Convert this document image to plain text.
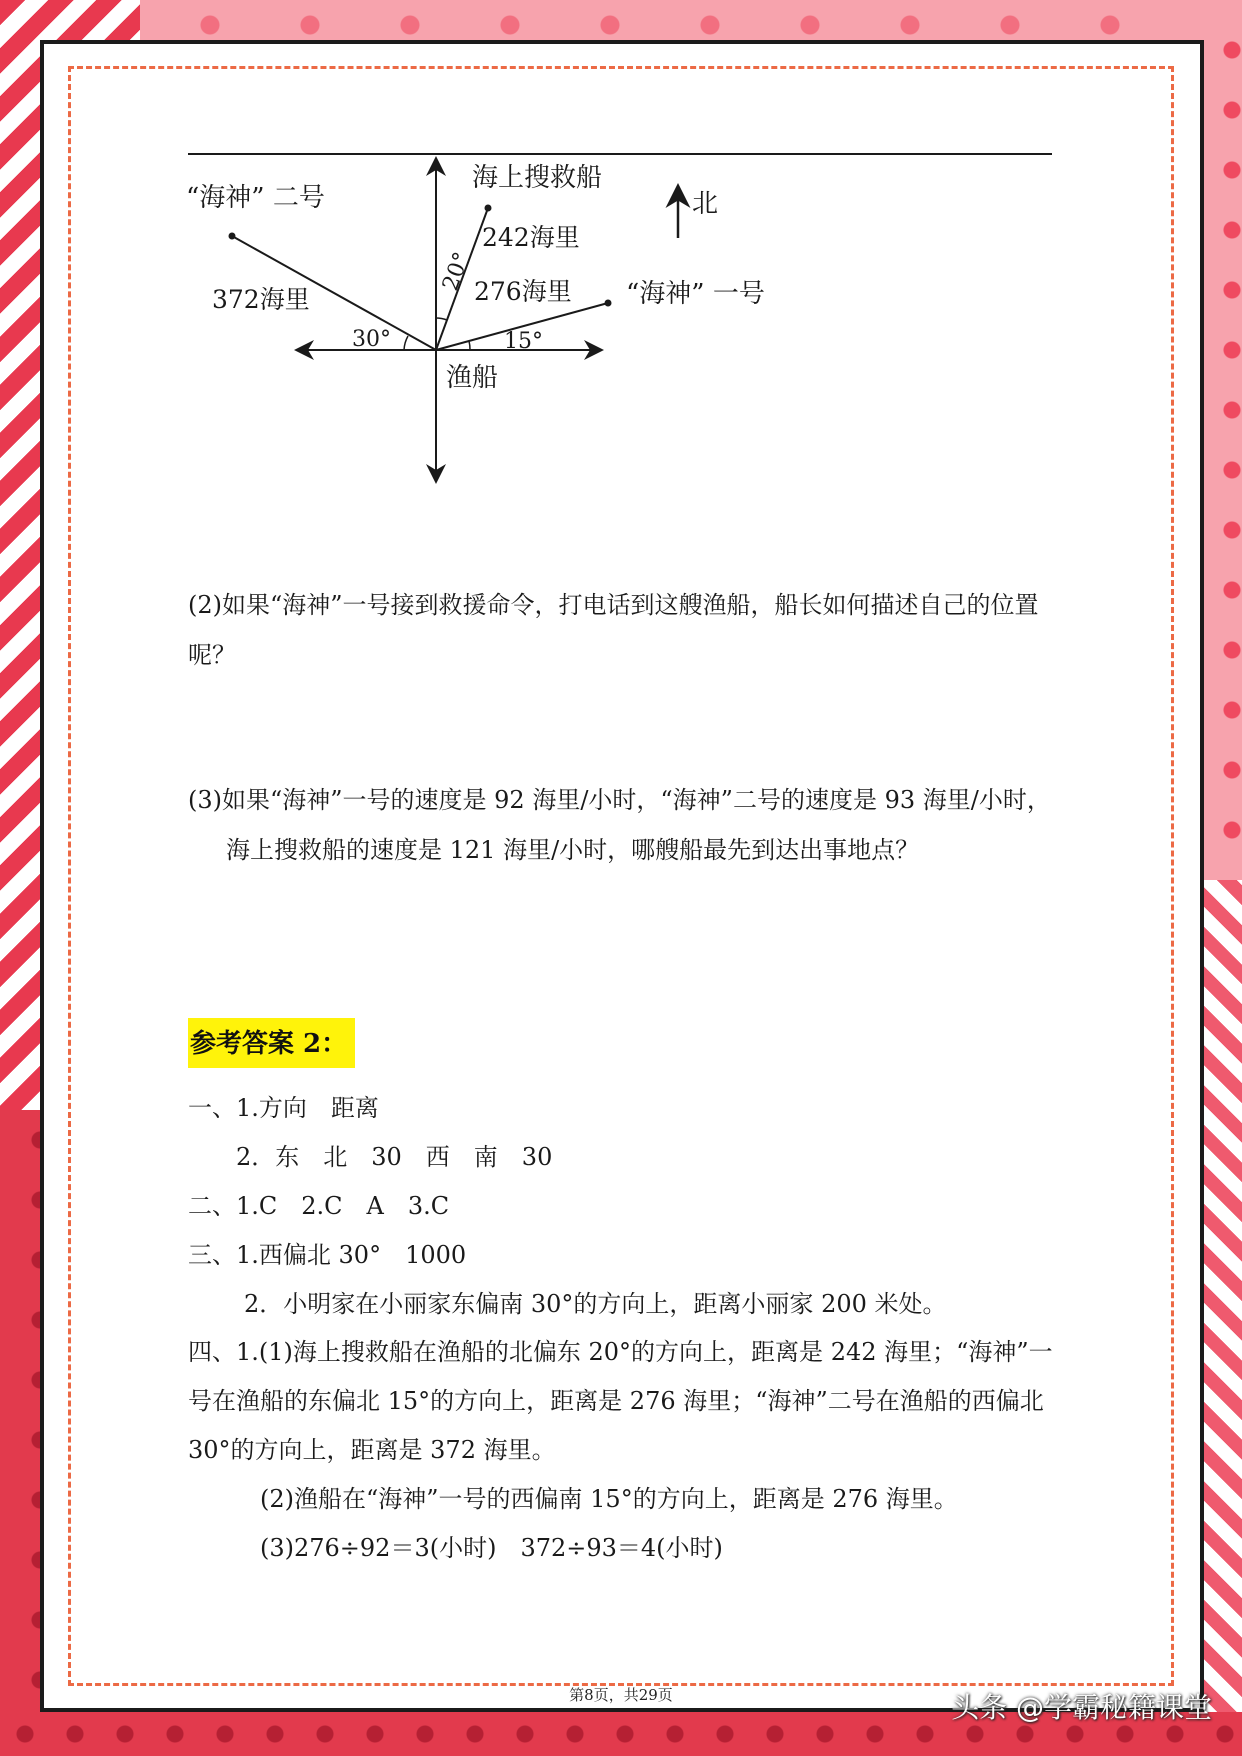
海上搜救船
北
“海神” 二号
“海神” 一号
242海里
276海里
372海里
20°
30°	15°
渔船
(2)如果“海神”一号接到救援命令，打电话到这艘渔船，船长如何描述自己的位置
呢？
(3)如果“海神”一号的速度是 92 海里/小时，“海神”二号的速度是 93 海里/小时，
海上搜救船的速度是 121 海里/小时，哪艘船最先到达出事地点？
参考答案 2：
一、1.方向　距离
2．东　北　30　西　南　30
二、1.C　2.C　A　3.C
三、1.西偏北 30°　1000
2．小明家在小丽家东偏南 30°的方向上，距离小丽家 200 米处。
四、1.(1)海上搜救船在渔船的北偏东 20°的方向上，距离是 242 海里；“海神”一号在渔船的东偏北 15°的方向上，距离是 276 海里；“海神”二号在渔船的西偏北 30°的方向上，距离是 372 海里。
(2)渔船在“海神”一号的西偏南 15°的方向上，距离是 276 海里。
(3)276÷92＝3(小时)　372÷93＝4(小时)
第8页，共29页	头条 @学霸秘籍课堂
